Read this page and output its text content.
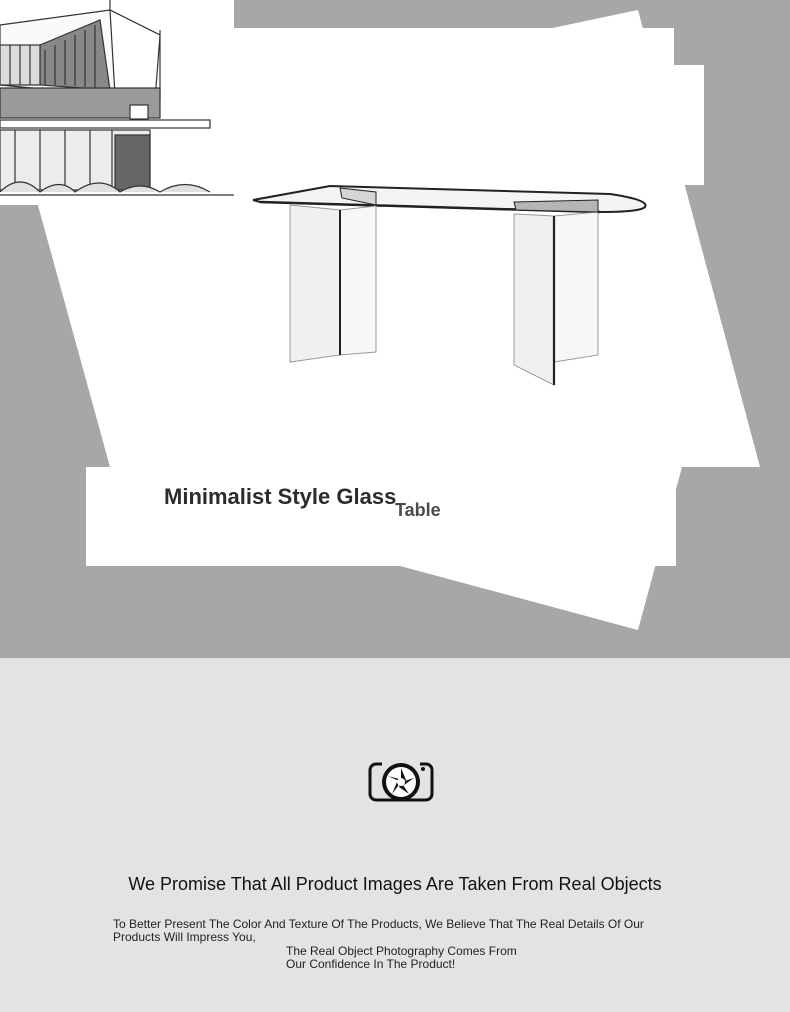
Minimalist Style Glass
Table
We Promise That All Product Images Are Taken From Real Objects
To Better Present The Color And Texture Of The Products, We Believe That The Real Details Of Our Products Will Impress You,
The Real Object Photography Comes From Our Confidence In The Product!
